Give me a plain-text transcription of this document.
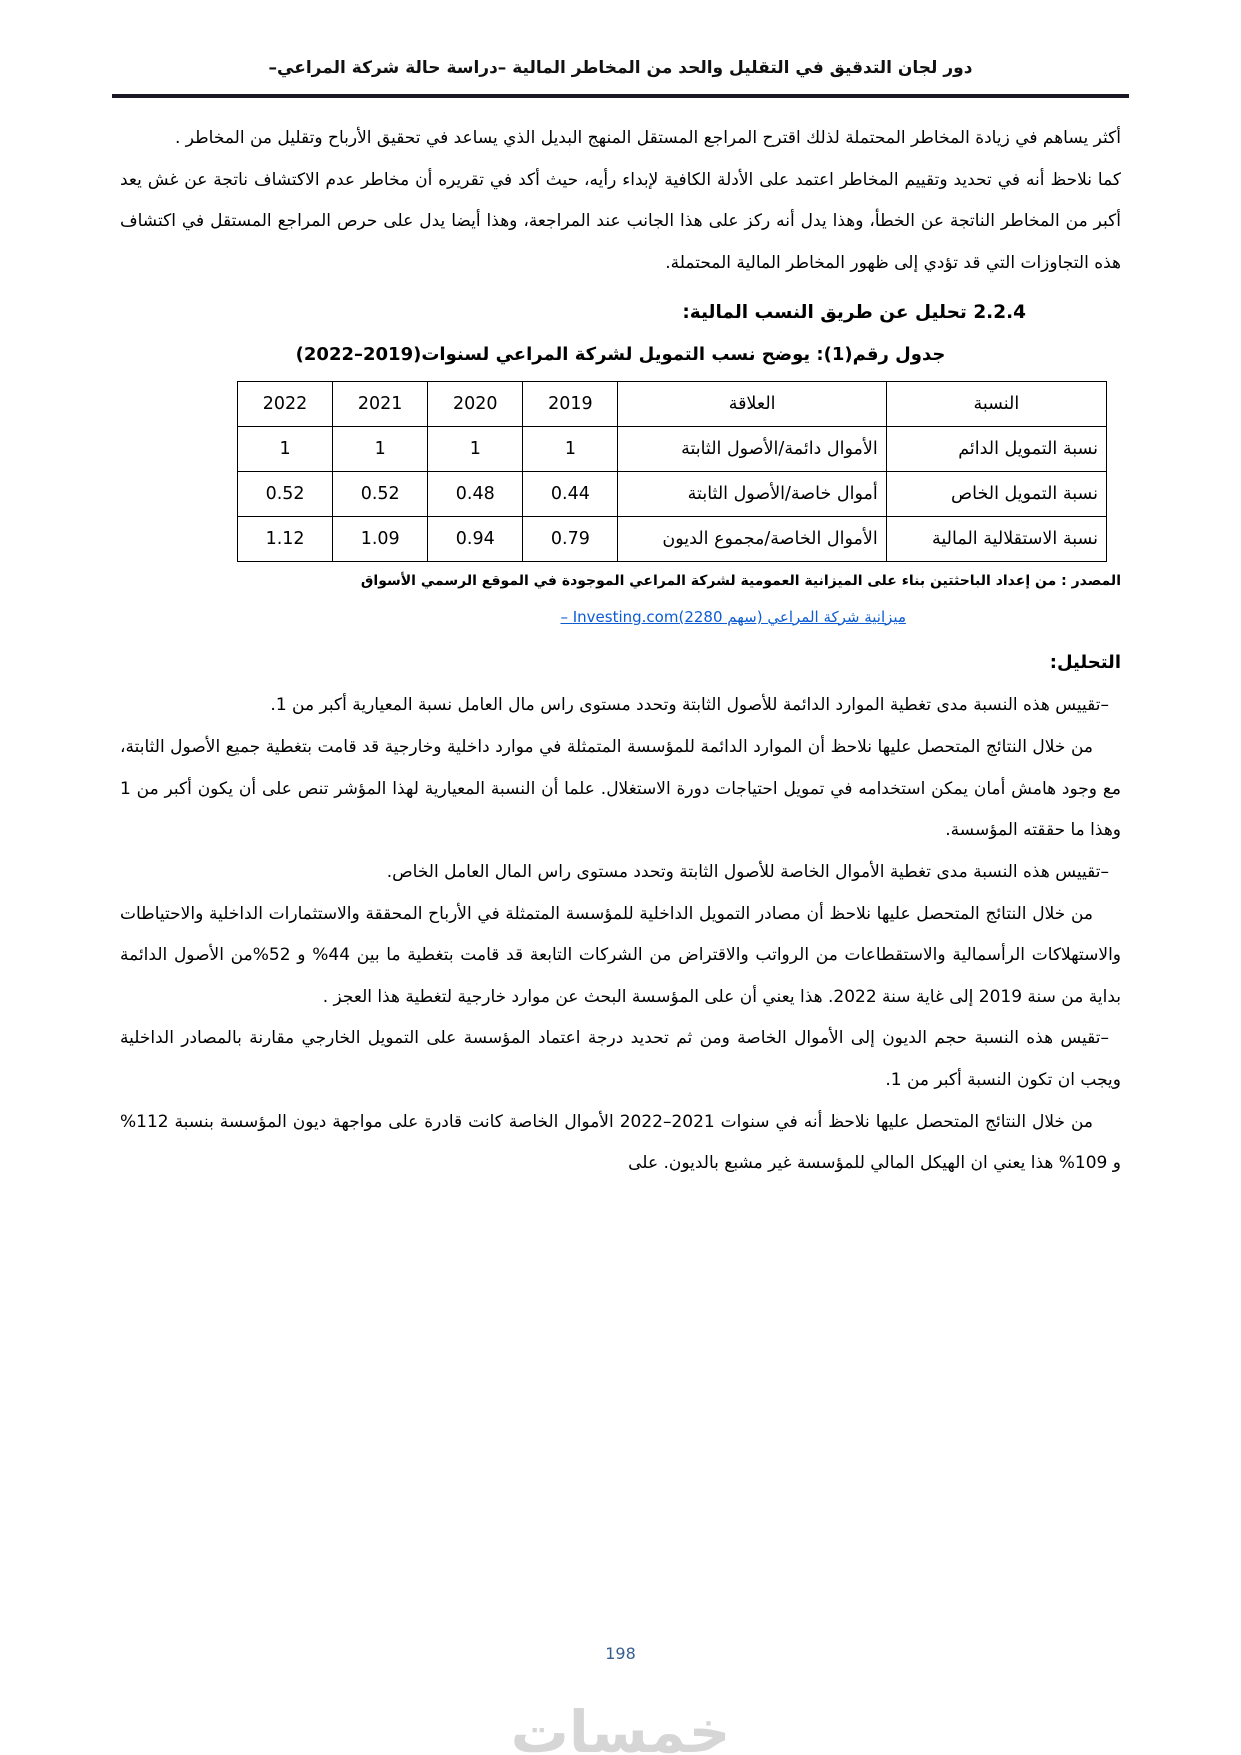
دور لجان التدقيق في التقليل والحد من المخاطر المالية –دراسة حالة شركة المراعي–

أكثر يساهم في زيادة المخاطر المحتملة لذلك اقترح المراجع المستقل المنهج البديل الذي يساعد في تحقيق الأرباح وتقليل من المخاطر .

كما نلاحظ أنه في تحديد وتقييم المخاطر اعتمد على الأدلة الكافية لإبداء رأيه، حيث أكد في تقريره أن مخاطر عدم الاكتشاف ناتجة عن غش يعد أكبر من المخاطر الناتجة عن الخطأ، وهذا يدل أنه ركز على هذا الجانب عند المراجعة، وهذا أيضا يدل على حرص المراجع المستقل في اكتشاف هذه التجاوزات التي قد تؤدي إلى ظهور المخاطر المالية المحتملة.

2.2.4 تحليل عن طريق النسب المالية:
جدول رقم(1): يوضح نسب التمويل لشركة المراعي لسنوات(2019–2022)
النسبة	العلاقة	2019	2020	2021	2022
نسبة التمويل الدائم	الأموال دائمة/الأصول الثابتة	1	1	1	1
نسبة التمويل الخاص	أموال خاصة/الأصول الثابتة	0.44	0.48	0.52	0.52
نسبة الاستقلالية المالية	الأموال الخاصة/مجموع الديون	0.79	0.94	1.09	1.12
المصدر : من إعداد الباحثتين بناء على الميزانية العمومية لشركة المراعي الموجودة في الموقع الرسمي الأسواق
ميزانية شركة المراعي (سهم 2280)Investing.com –
التحليل:

–تقييس هذه النسبة مدى تغطية الموارد الدائمة للأصول الثابتة وتحدد مستوى راس مال العامل نسبة المعيارية أكبر من 1.

من خلال النتائج المتحصل عليها نلاحظ أن الموارد الدائمة للمؤسسة المتمثلة في موارد داخلية وخارجية قد قامت بتغطية جميع الأصول الثابتة، مع وجود هامش أمان يمكن استخدامه في تمويل احتياجات دورة الاستغلال. علما أن النسبة المعيارية لهذا المؤشر تنص على أن يكون أكبر من 1 وهذا ما حققته المؤسسة.

–تقييس هذه النسبة مدى تغطية الأموال الخاصة للأصول الثابتة وتحدد مستوى راس المال العامل الخاص.

من خلال النتائج المتحصل عليها نلاحظ أن مصادر التمويل الداخلية للمؤسسة المتمثلة في الأرباح المحققة والاستثمارات الداخلية والاحتياطات والاستهلاكات الرأسمالية والاستقطاعات من الرواتب والاقتراض من الشركات التابعة قد قامت بتغطية ما بين 44% و 52%من الأصول الدائمة بداية من سنة 2019 إلى غاية سنة 2022. هذا يعني أن على المؤسسة البحث عن موارد خارجية لتغطية هذا العجز .

–تقيس هذه النسبة حجم الديون إلى الأموال الخاصة ومن ثم تحديد درجة اعتماد المؤسسة على التمويل الخارجي مقارنة بالمصادر الداخلية ويجب ان تكون النسبة أكبر من 1.

من خلال النتائج المتحصل عليها نلاحظ أنه في سنوات 2021–2022 الأموال الخاصة كانت قادرة على مواجهة ديون المؤسسة بنسبة 112% و 109% هذا يعني ان الهيكل المالي للمؤسسة غير مشبع بالديون. على

198
خمسات
